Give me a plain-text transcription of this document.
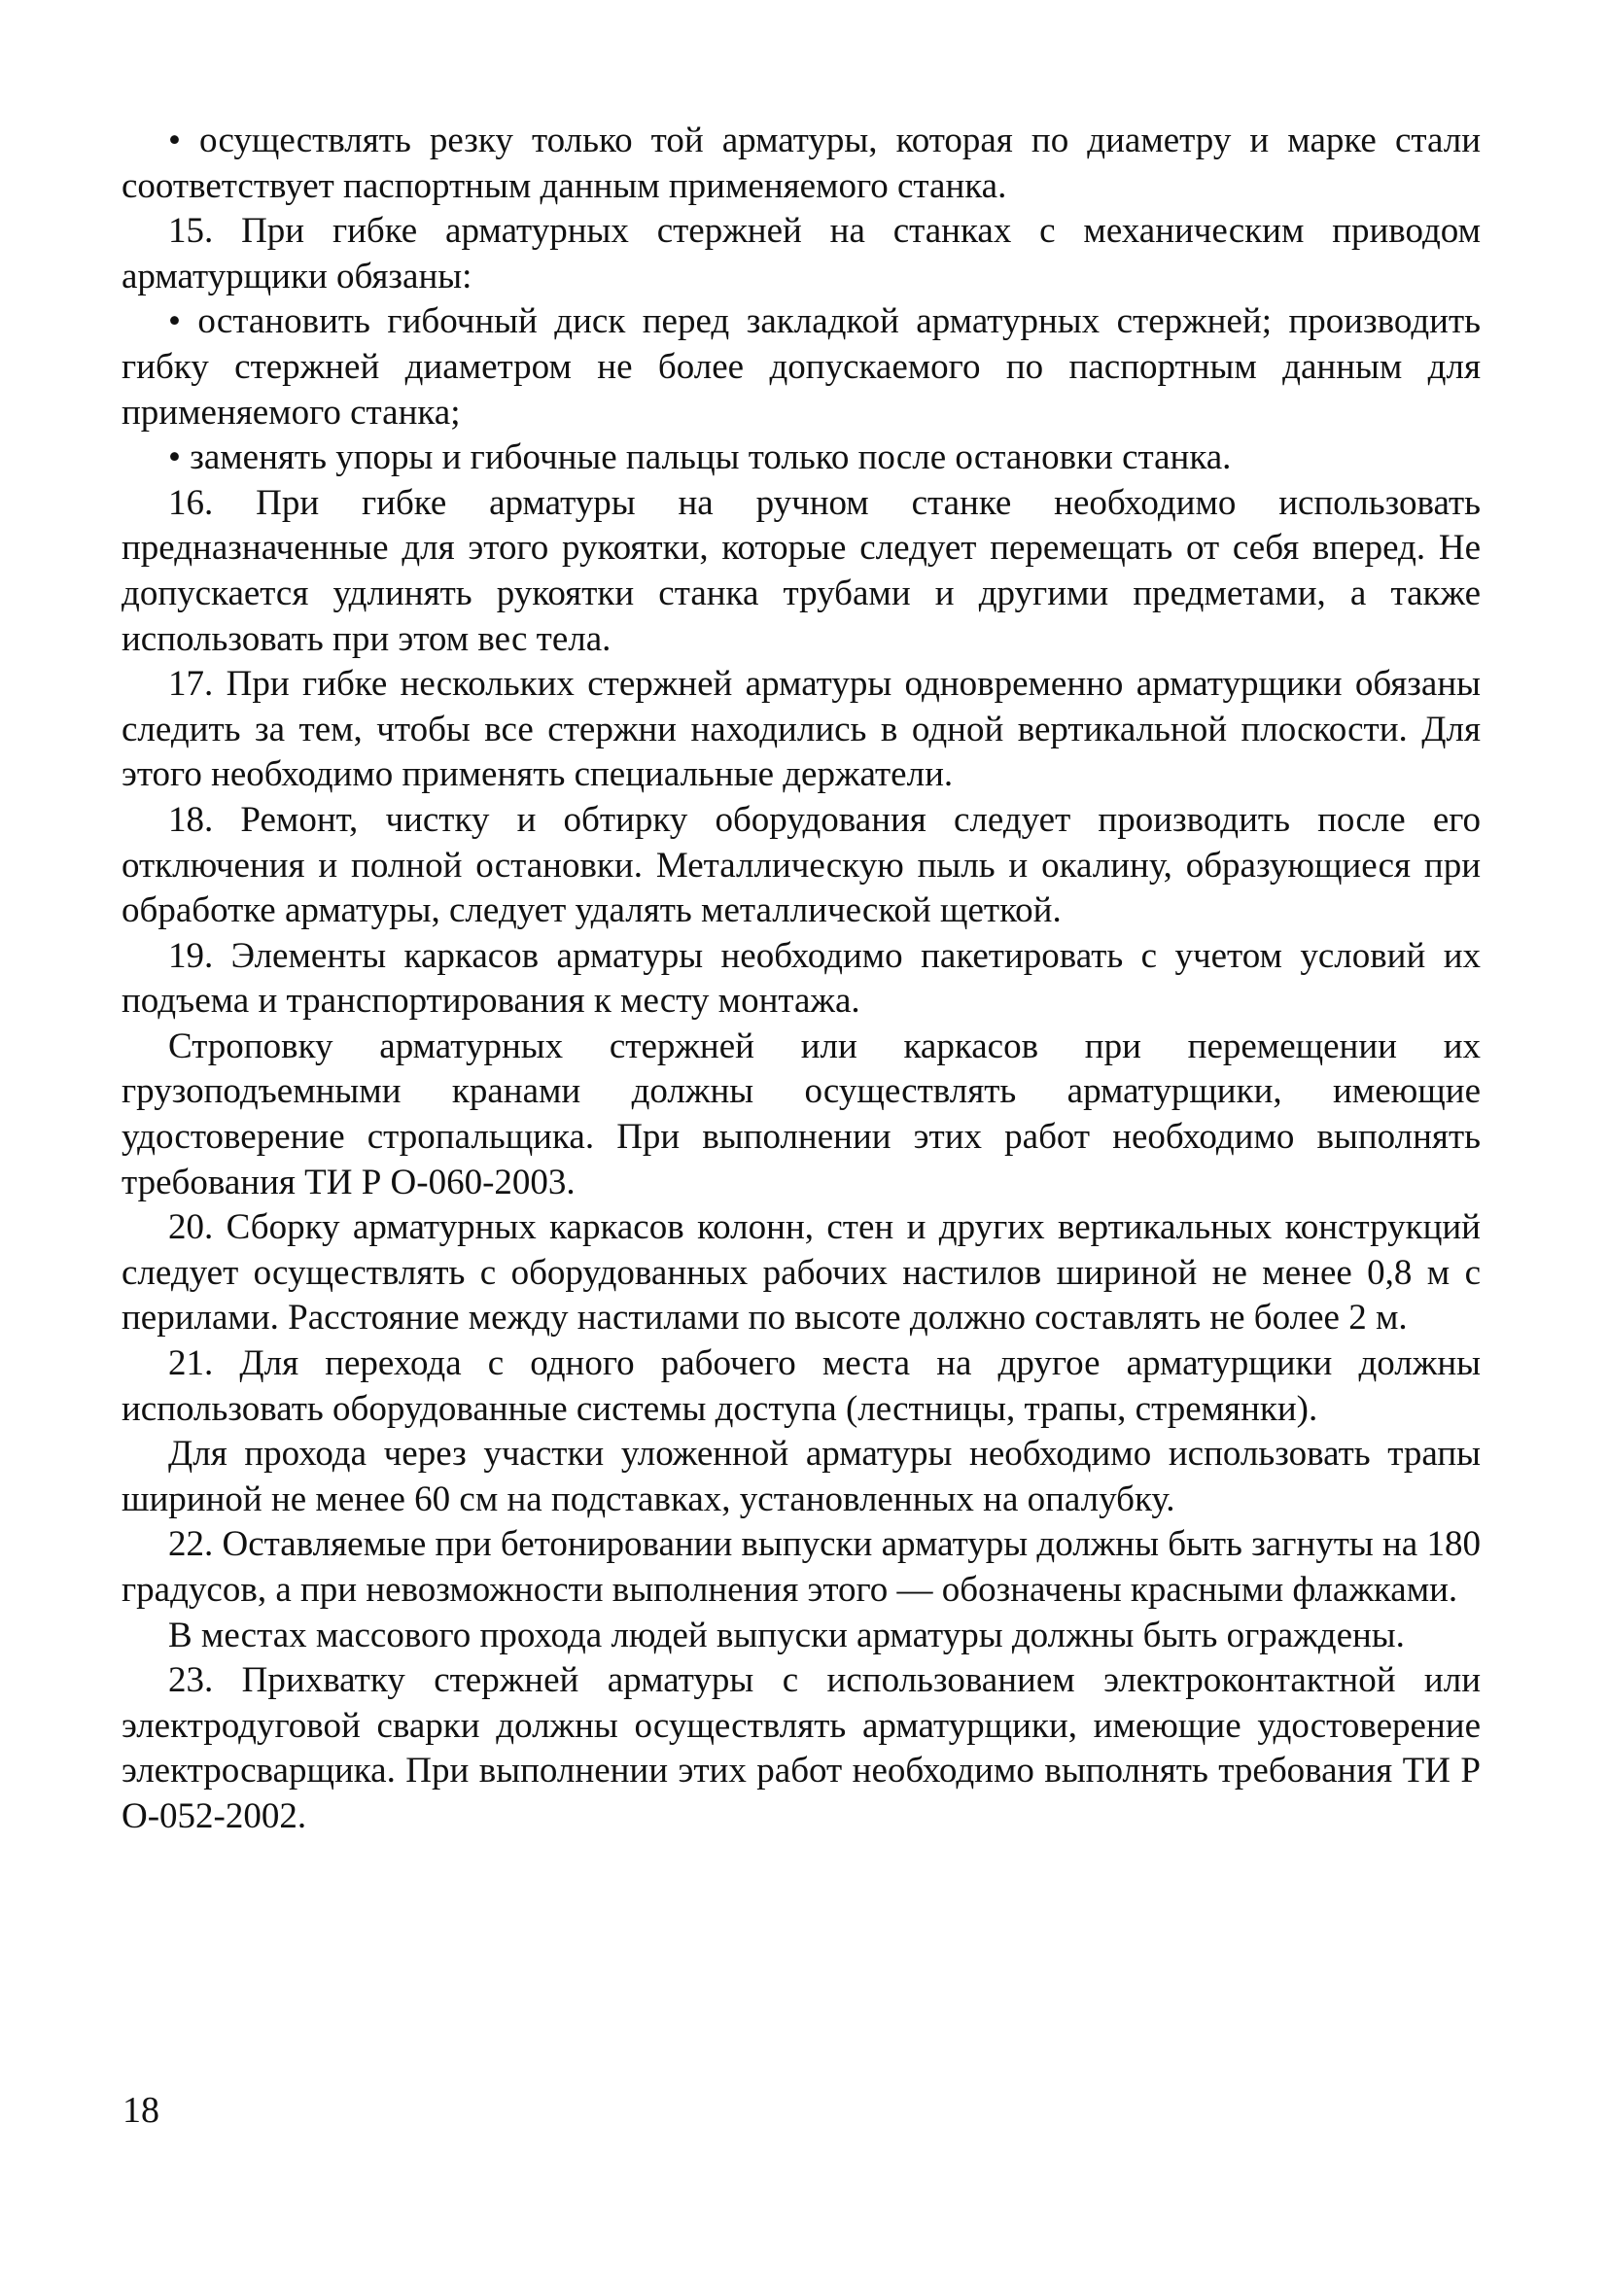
• осуществлять резку только той арматуры, которая по диаметру и марке стали соответствует паспортным данным применяемого станка.

15. При гибке арматурных стержней на станках с механическим приводом арматурщики обязаны:

• остановить гибочный диск перед закладкой арматурных стержней; производить гибку стержней диаметром не более допускаемого по паспортным данным для применяемого станка;

• заменять упоры и гибочные пальцы только после остановки станка.

16. При гибке арматуры на ручном станке необходимо использовать предназначенные для этого рукоятки, которые следует перемещать от себя вперед. Не допускается удлинять рукоятки станка трубами и другими предметами, а также использовать при этом вес тела.

17. При гибке нескольких стержней арматуры одновременно арматурщики обязаны следить за тем, чтобы все стержни находились в одной вертикальной плоскости. Для этого необходимо применять специальные держатели.

18. Ремонт, чистку и обтирку оборудования следует производить после его отключения и полной остановки. Металлическую пыль и окалину, образующиеся при обработке арматуры, следует удалять металлической щеткой.

19. Элементы каркасов арматуры необходимо пакетировать с учетом условий их подъема и транспортирования к месту монтажа.

Строповку арматурных стержней или каркасов при перемещении их грузоподъемными кранами должны осуществлять арматурщики, имеющие удостоверение стропальщика. При выполнении этих работ необходимо выполнять требования ТИ Р О-060-2003.

20. Сборку арматурных каркасов колонн, стен и других вертикальных конструкций следует осуществлять с оборудованных рабочих настилов шириной не менее 0,8 м с перилами. Расстояние между настилами по высоте должно составлять не более 2 м.

21. Для перехода с одного рабочего места на другое арматурщики должны использовать оборудованные системы доступа (лестницы, трапы, стремянки).

Для прохода через участки уложенной арматуры необходимо использовать трапы шириной не менее 60 см на подставках, установленных на опалубку.

22. Оставляемые при бетонировании выпуски арматуры должны быть загнуты на 180 градусов, а при невозможности выполнения этого — обозначены красными флажками.

В местах массового прохода людей выпуски арматуры должны быть ограждены.

23. Прихватку стержней арматуры с использованием электроконтактной или электродуговой сварки должны осуществлять арматурщики, имеющие удостоверение электросварщика. При выполнении этих работ необходимо выполнять требования ТИ Р О-052-2002.

18
